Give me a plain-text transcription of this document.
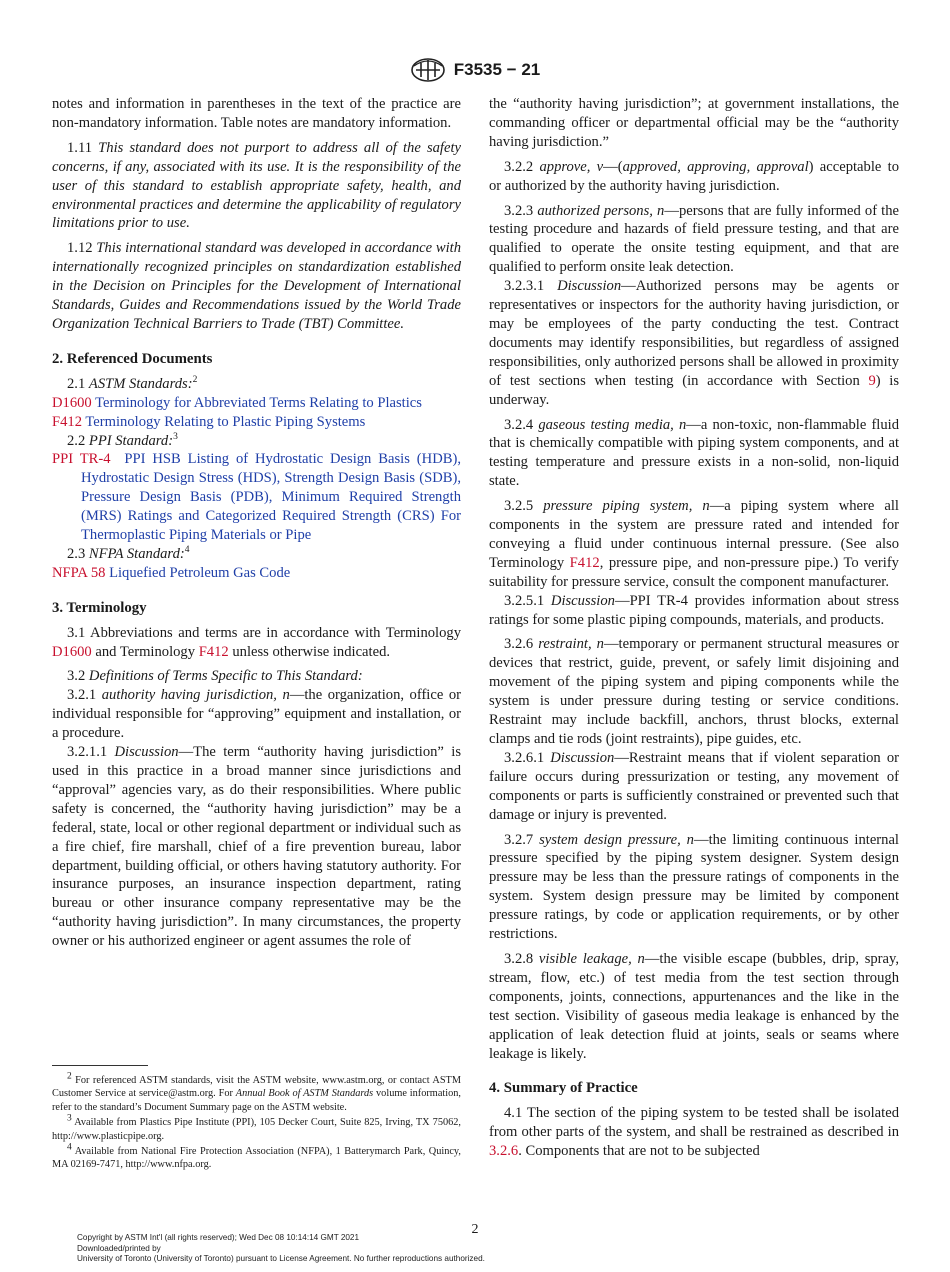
F3535 − 21

notes and information in parentheses in the text of the practice are non-mandatory information. Table notes are mandatory information.

1.11 This standard does not purport to address all of the safety concerns, if any, associated with its use. It is the responsibility of the user of this standard to establish appropriate safety, health, and environmental practices and determine the applicability of regulatory limitations prior to use.

1.12 This international standard was developed in accordance with internationally recognized principles on standardization established in the Decision on Principles for the Development of International Standards, Guides and Recommendations issued by the World Trade Organization Technical Barriers to Trade (TBT) Committee.

2. Referenced Documents

2.1 ASTM Standards:$^2$

D1600 Terminology for Abbreviated Terms Relating to Plastics
F412 Terminology Relating to Plastic Piping Systems

2.2 PPI Standard:$^3$

PPI TR-4 PPI HSB Listing of Hydrostatic Design Basis (HDB), Hydrostatic Design Stress (HDS), Strength Design Basis (SDB), Pressure Design Basis (PDB), Minimum Required Strength (MRS) Ratings and Categorized Required Strength (CRS) For Thermoplastic Piping Materials or Pipe

2.3 NFPA Standard:$^4$

NFPA 58 Liquefied Petroleum Gas Code
3. Terminology

3.1 Abbreviations and terms are in accordance with Terminology D1600 and Terminology F412 unless otherwise indicated.

3.2 Definitions of Terms Specific to This Standard:

3.2.1 authority having jurisdiction, n—the organization, office or individual responsible for “approving” equipment and installation, or a procedure.

3.2.1.1 Discussion—The term “authority having jurisdiction” is used in this practice in a broad manner since jurisdictions and “approval” agencies vary, as do their responsibilities. Where public safety is concerned, the “authority having jurisdiction” may be a federal, state, local or other regional department or individual such as a fire chief, fire marshall, chief of a fire prevention bureau, labor department, building official, or others having statutory authority. For insurance purposes, an insurance inspection department, rating bureau or other insurance company representative may be the “authority having jurisdiction”. In many circumstances, the property owner or his authorized engineer or agent assumes the role of

$^2$ For referenced ASTM standards, visit the ASTM website, www.astm.org, or contact ASTM Customer Service at service@astm.org. For Annual Book of ASTM Standards volume information, refer to the standard’s Document Summary page on the ASTM website.

$^3$ Available from Plastics Pipe Institute (PPI), 105 Decker Court, Suite 825, Irving, TX 75062, http://www.plasticpipe.org.

$^4$ Available from National Fire Protection Association (NFPA), 1 Batterymarch Park, Quincy, MA 02169-7471, http://www.nfpa.org.

the “authority having jurisdiction”; at government installations, the commanding officer or departmental official may be the “authority having jurisdiction.”

3.2.2 approve, v—(approved, approving, approval) acceptable to or authorized by the authority having jurisdiction.

3.2.3 authorized persons, n—persons that are fully informed of the testing procedure and hazards of field pressure testing, and that are qualified to operate the onsite testing equipment, and that are qualified to perform onsite leak detection.

3.2.3.1 Discussion—Authorized persons may be agents or representatives or inspectors for the authority having jurisdiction, or may be employees of the party conducting the test. Contract documents may identify responsibilities, but regardless of assigned responsibilities, only authorized persons shall be allowed in proximity of test sections when testing (in accordance with Section 9) is underway.

3.2.4 gaseous testing media, n—a non-toxic, non-flammable fluid that is chemically compatible with piping system components, and at testing temperature and pressure exists in a non-solid, non-liquid state.

3.2.5 pressure piping system, n—a piping system where all components in the system are pressure rated and intended for conveying a fluid under continuous internal pressure. (See also Terminology F412, pressure pipe, and non-pressure pipe.) To verify suitability for pressure service, consult the component manufacturer.

3.2.5.1 Discussion—PPI TR-4 provides information about stress ratings for some plastic piping compounds, materials, and products.

3.2.6 restraint, n—temporary or permanent structural measures or devices that restrict, guide, prevent, or safely limit disjoining and movement of the piping system and piping components while the system is under pressure during testing or service conditions. Restraint may include backfill, anchors, thrust blocks, external clamps and tie rods (joint restraints), pipe guides, etc.

3.2.6.1 Discussion—Restraint means that if violent separation or failure occurs during pressurization or testing, any movement of components or parts is sufficiently constrained or prevented such that damage or injury is prevented.

3.2.7 system design pressure, n—the limiting continuous internal pressure specified by the piping system designer. System design pressure may be less than the pressure ratings of components in the system. System design pressure may be limited by component pressure ratings, by code or application requirements, or by other restrictions.

3.2.8 visible leakage, n—the visible escape (bubbles, drip, spray, stream, flow, etc.) of test media from the test section through components, joints, connections, appurtenances and the like in the test section. Visibility of gaseous media leakage is enhanced by the application of leak detection fluid at joints, seals or seams where leakage is likely.

4. Summary of Practice

4.1 The section of the piping system to be tested shall be isolated from other parts of the system, and shall be restrained as described in 3.2.6. Components that are not to be subjected

2
Copyright by ASTM Int'l (all rights reserved); Wed Dec 08 10:14:14 GMT 2021
Downloaded/printed by
University of Toronto (University of Toronto) pursuant to License Agreement. No further reproductions authorized.
